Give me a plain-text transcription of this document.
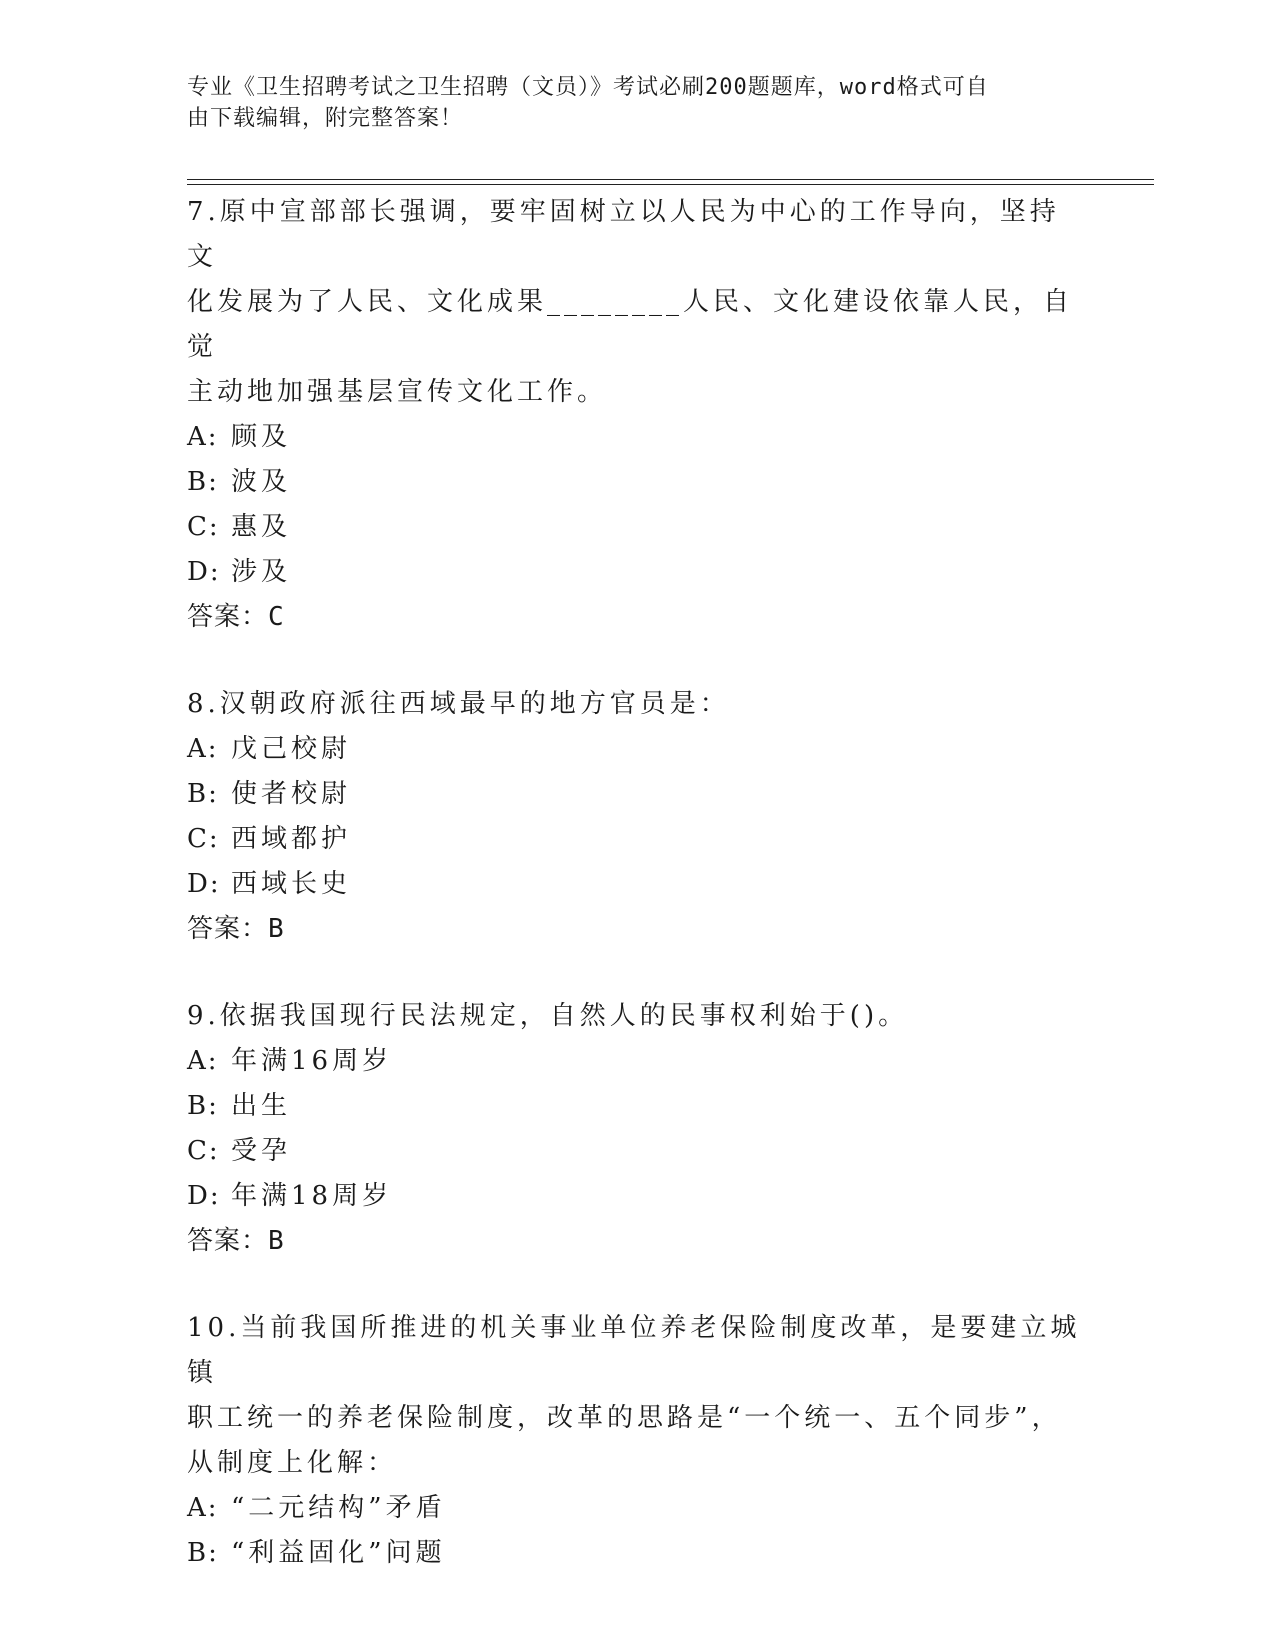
专业《卫生招聘考试之卫生招聘（文员）》考试必刷200题题库，word格式可自
由下载编辑，附完整答案！
7.原中宣部部长强调，要牢固树立以人民为中心的工作导向，坚持文
化发展为了人民、文化成果________人民、文化建设依靠人民，自觉
主动地加强基层宣传文化工作。
A: 顾及
B: 波及
C: 惠及
D: 涉及
答案：C
8.汉朝政府派往西域最早的地方官员是：
A: 戊己校尉
B: 使者校尉
C: 西域都护
D: 西域长史
答案：B
9.依据我国现行民法规定，自然人的民事权利始于()。
A: 年满16周岁
B: 出生
C: 受孕
D: 年满18周岁
答案：B
10.当前我国所推进的机关事业单位养老保险制度改革，是要建立城镇
职工统一的养老保险制度，改革的思路是“一个统一、五个同步”，
从制度上化解：
A: “二元结构”矛盾
B: “利益固化”问题
